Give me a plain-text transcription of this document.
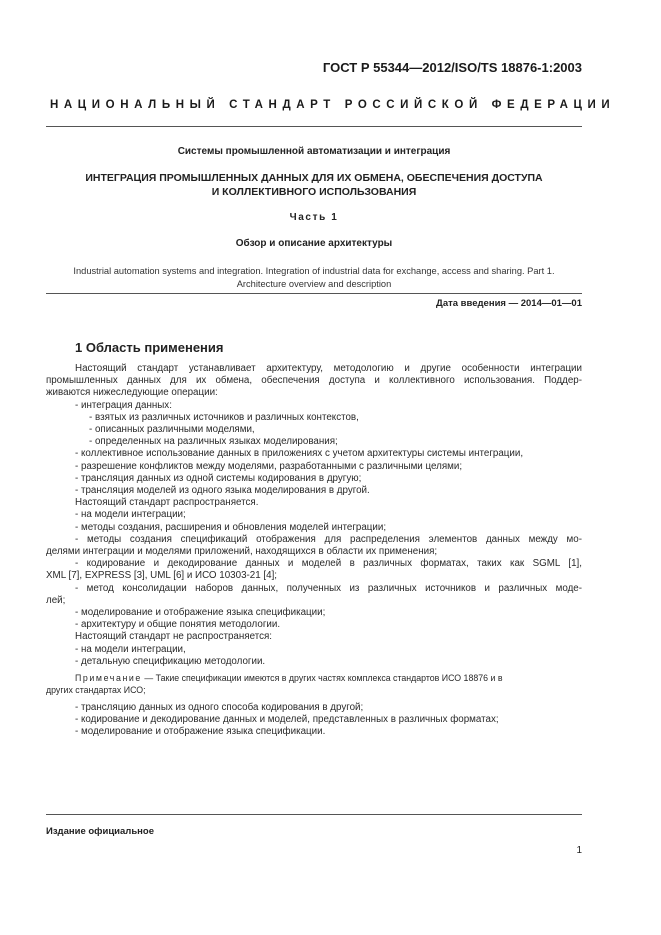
ГОСТ Р 55344—2012/ISO/TS 18876-1:2003
НАЦИОНАЛЬНЫЙ СТАНДАРТ РОССИЙСКОЙ ФЕДЕРАЦИИ
Системы промышленной автоматизации и интеграция
ИНТЕГРАЦИЯ ПРОМЫШЛЕННЫХ ДАННЫХ ДЛЯ ИХ ОБМЕНА, ОБЕСПЕЧЕНИЯ ДОСТУПА
И КОЛЛЕКТИВНОГО ИСПОЛЬЗОВАНИЯ
Часть 1
Обзор и описание архитектуры
Industrial automation systems and integration. Integration of industrial data for exchange, access and sharing. Part 1.
Architecture overview and description
Дата введения — 2014—01—01
1 Область применения

Настоящий стандарт устанавливает архитектуру, методологию и другие особенности интеграции

промышленных данных для их обмена, обеспечения доступа и коллективного использования. Поддер-

живаются нижеследующие операции:

- интеграция данных:

- взятых из различных источников и различных контекстов,

- описанных различными моделями,

- определенных на различных языках моделирования;

- коллективное использование данных в приложениях с учетом архитектуры системы интеграции,

- разрешение конфликтов между моделями, разработанными с различными целями;

- трансляция данных из одной системы кодирования в другую;

- трансляция моделей из одного языка моделирования в другой.

Настоящий стандарт распространяется.

- на модели интеграции;

- методы создания, расширения и обновления моделей интеграции;

- методы создания спецификаций отображения для распределения элементов данных между мо-

делями интеграции и моделями приложений, находящихся в области их применения;

- кодирование и декодирование данных и моделей в различных форматах, таких как SGML [1],

XML [7], EXPRESS [3], UML [6] и ИСО 10303-21 [4];

- метод консолидации наборов данных, полученных из различных источников и различных моде-

лей;

- моделирование и отображение языка спецификации;

- архитектуру и общие понятия методологии.

Настоящий стандарт не распространяется:

- на модели интеграции,

- детальную спецификацию методологии.

Примечание — Такие спецификации имеются в других частях комплекса стандартов ИСО 18876 и в
других стандартах ИСО;

- трансляцию данных из одного способа кодирования в другой;

- кодирование и декодирование данных и моделей, представленных в различных форматах;

- моделирование и отображение языка спецификации.

Издание официальное
1
